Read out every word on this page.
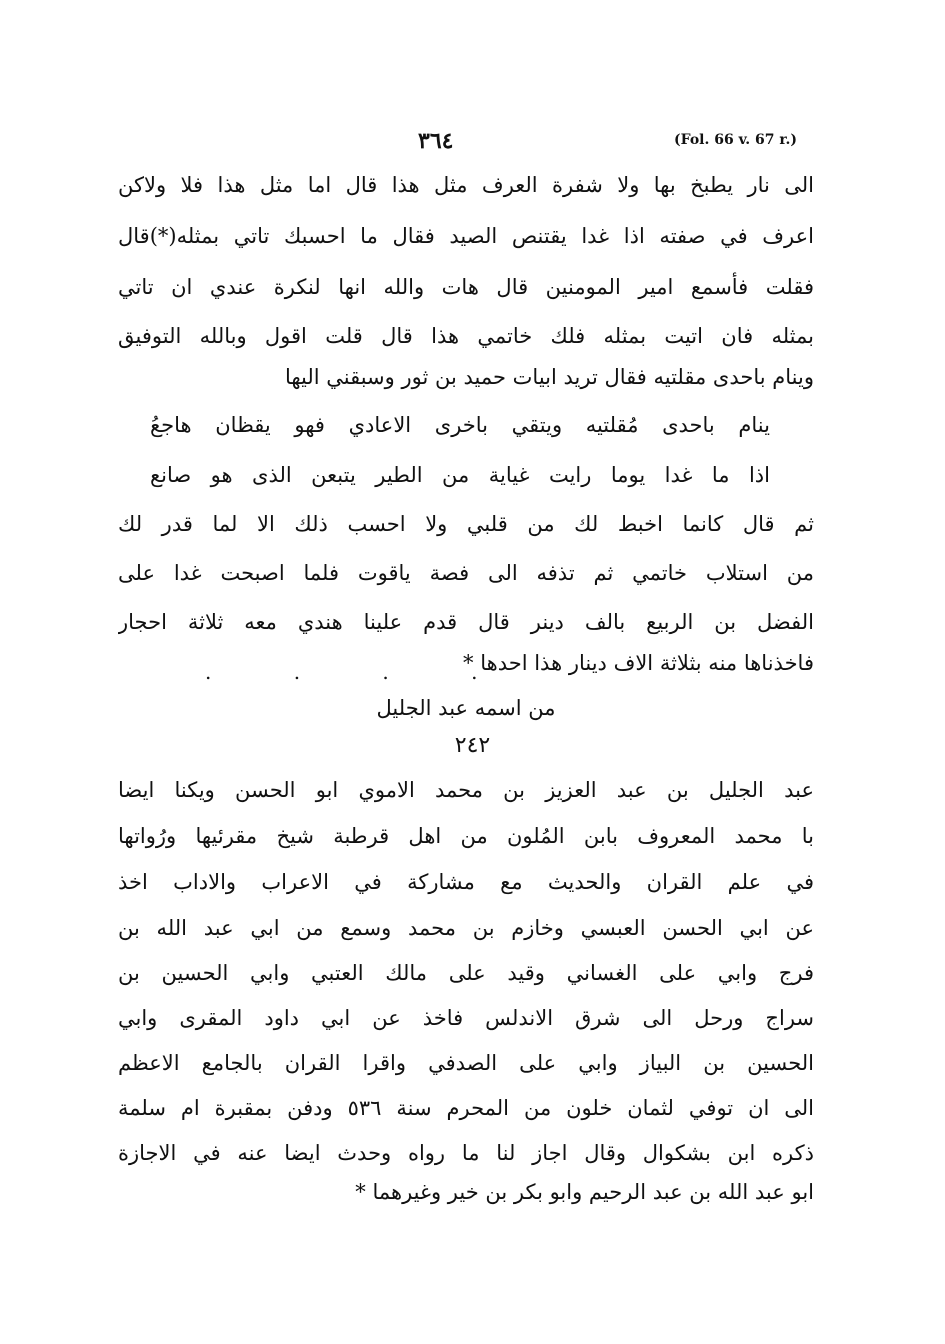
٣٦٤	(Fol. 66 v. 67 r.)
الى نار يطبخ بها ولا شفرة العرف مثل هذا قال اما مثل هذا فلا ولاكن
اعرف في صفته اذا غدا يقتنص الصيد فقال ما احسبك تاتي بمثله(*)قال
فقلت فأسمع امير المومنين قال هات والله انها لنكرة عندي ان تاتي
بمثله فان اتيت بمثله فلك خاتمي هذا قال قلت اقول وبالله التوفيق
وينام باحدى مقلتيه فقال تريد ابيات حميد بن ثور وسبقني اليها
ينام باحدى مُقلتيه ويتقي باخرى الاعادي فهو يقظان هاجعُ
اذا ما غدا يوما رايت غياية من الطير يتبعن الذى هو صانع
ثم قال كانما اخبط لك من قلبي ولا احسب ذلك الا لما قدر لك
من استلاب خاتمي ثم تذفه الى فصة ياقوت فلما اصبحت غدا على
الفضل بن الربيع بالف دينر قال قدم علينا هندي معه ثلاثة احجار
فاخذناها منه بثلاثة الاف دينار هذا احدها *
. . . .
من اسمه عبد الجليل
٢٤٢
عبد الجليل بن عبد العزيز بن محمد الاموي ابو الحسن ويكنا ايضا
با محمد المعروف بابن المُلون من اهل قرطبة شيخ مقرئيها ورُواتها
في علم القران والحديث مع مشاركة في الاعراب والاداب اخذ
عن ابي الحسن العبسي وخازم بن محمد وسمع من ابي عبد الله بن
فرج وابي على الغساني وقيد على مالك العتبي وابي الحسين بن
سراج ورحل الى شرق الاندلس فاخذ عن ابي داود المقرى وابي
الحسين بن البياز وابي على الصدفي واقرا القران بالجامع الاعظم
الى ان توفي لثمان خلون من المحرم سنة ٥٣٦ ودفن بمقبرة ام سلمة
ذكره ابن بشكوال وقال اجاز لنا ما رواه وحدث ايضا عنه في الاجازة
ابو عبد الله بن عبد الرحيم وابو بكر بن خير وغيرهما *
